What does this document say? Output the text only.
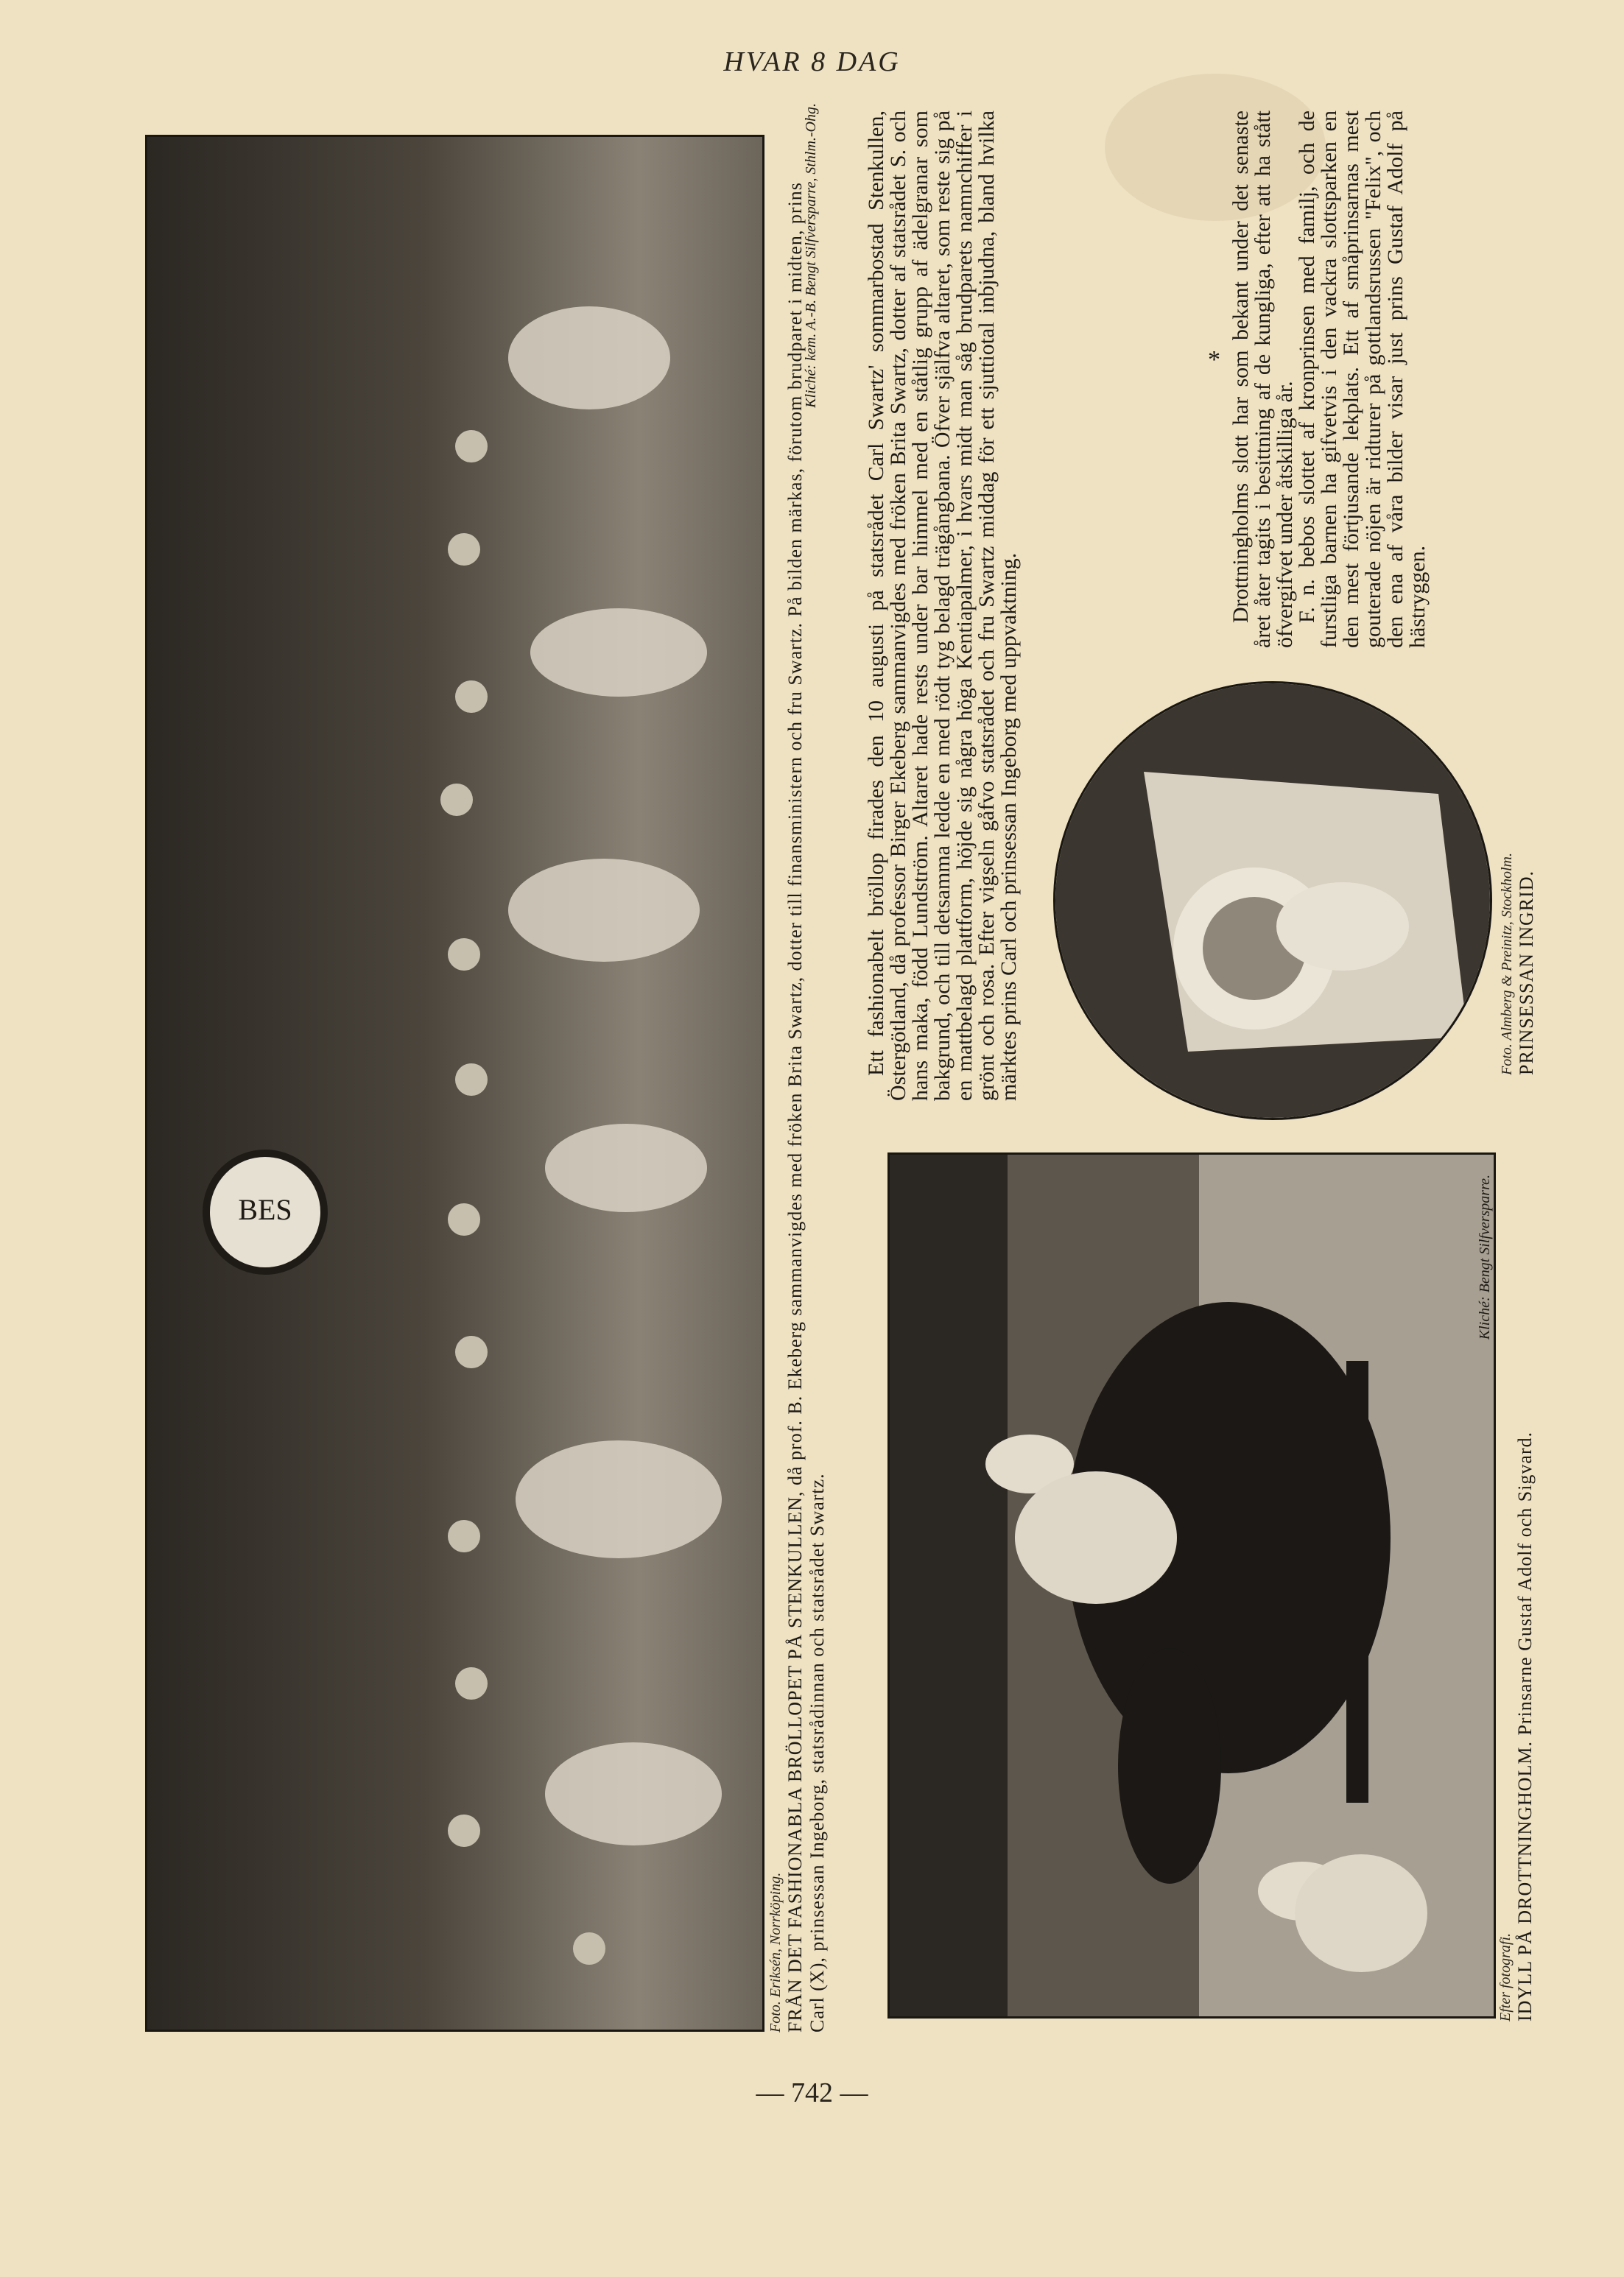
HVAR 8 DAG
BES
Foto. Eriksén, Norrköping. FRÅN DET FASHIONABLA BRÖLLOPET PÅ STENKULLEN, då prof. B. Ekeberg sammanvigdes med fröken Brita Swartz, dotter till finansministern och fru Swartz. På bilden märkas, förutom brudparet i midten, prins Carl (X), prinsessan Ingeborg, statsrådinnan och statsrådet Swartz.
Kliché: kem. A.-B. Bengt Silfversparre, Sthlm.-Ohg.
Efter fotografi. IDYLL PÅ DROTTNINGHOLM. Prinsarne Gustaf Adolf och Sigvard.
Kliché: Bengt Silfversparre.
Foto. Almberg & Preinitz, Stockholm. PRINSESSAN INGRID.

Ett fashionabelt bröllop firades den 10 augusti på statsrådet Carl Swartz' sommarbostad Stenkullen, Östergötland, då professor Birger Ekeberg sammanvigdes med fröken Brita Swartz, dotter af statsrådet S. och hans maka, född Lundström. Altaret hade rests under bar himmel med en ståtlig grupp af ädelgranar som bakgrund, och till detsamma ledde en med rödt tyg belagd trägångbana. Öfver själfva altaret, som reste sig på en mattbelagd plattform, höjde sig några höga Kentiapalmer, i hvars midt man såg brudparets namnchiffer i grönt och rosa. Efter vigseln gåfvo statsrådet och fru Swartz middag för ett sjuttiotal inbjudna, bland hvilka märktes prins Carl och prinsessan Ingeborg med uppvaktning.

* Drottningholms slott har som bekant under det senaste året åter tagits i besittning af de kungliga, efter att ha stått öfvergifvet under åtskilliga år.

F. n. bebos slottet af kronprinsen med familj, och de furstliga barnen ha gifvetvis i den vackra slottsparken en den mest förtjusande lekplats. Ett af småprinsarnas mest gouterade nöjen är ridturer på gottlandsrussen "Felix", och den ena af våra bilder visar just prins Gustaf Adolf på hästryggen.

— 742 —
